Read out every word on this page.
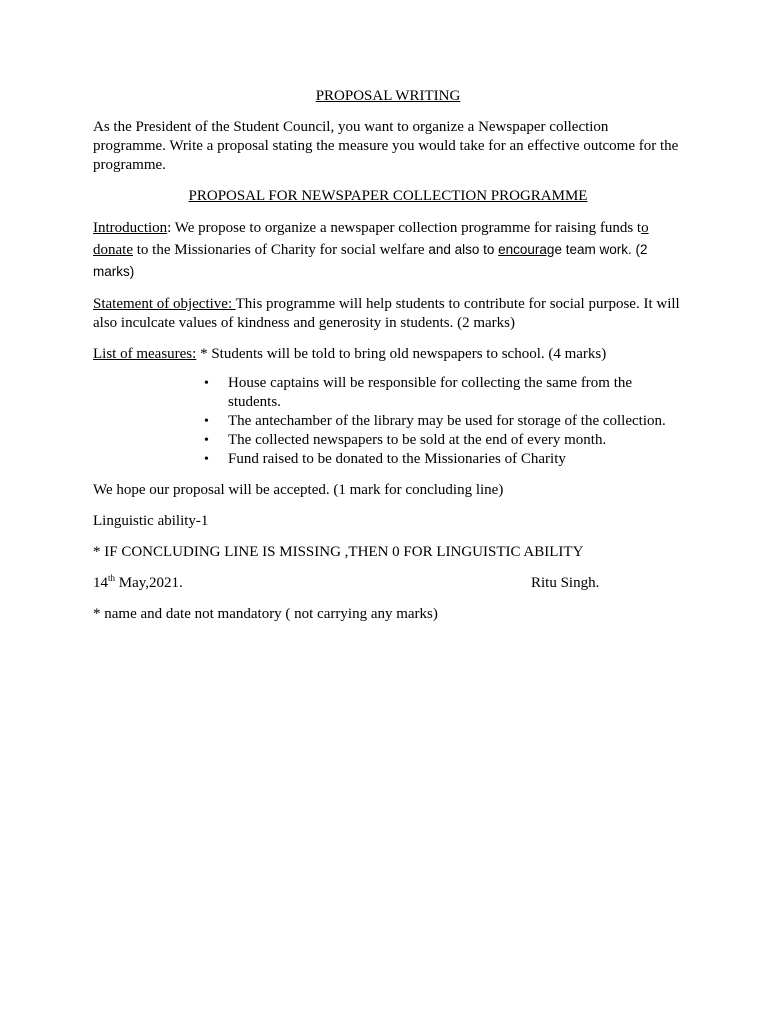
PROPOSAL WRITING

As the President of the Student Council, you want to organize a Newspaper collection programme. Write a proposal stating the measure you would take for an effective outcome for the programme.

PROPOSAL FOR NEWSPAPER COLLECTION PROGRAMME

Introduction: We propose to organize a newspaper collection programme for raising funds to donate to the Missionaries of Charity for social welfare and also to encourage team work. (2 marks)

Statement of objective: This programme will help students to contribute for social purpose. It will also inculcate values of kindness and generosity in students. (2 marks)

List of measures: * Students will be told to bring old newspapers to school. (4 marks)

• House captains will be responsible for collecting the same from the students.
• The antechamber of the library may be used for storage of the collection.
• The collected newspapers to be sold at the end of every month.
• Fund raised to be donated to the Missionaries of Charity

We hope our proposal will be accepted. (1 mark for concluding line)

Linguistic ability-1

* IF CONCLUDING LINE IS MISSING ,THEN 0 FOR LINGUISTIC ABILITY

14th May,2021.	Ritu Singh.

* name and date not mandatory ( not carrying any marks)
